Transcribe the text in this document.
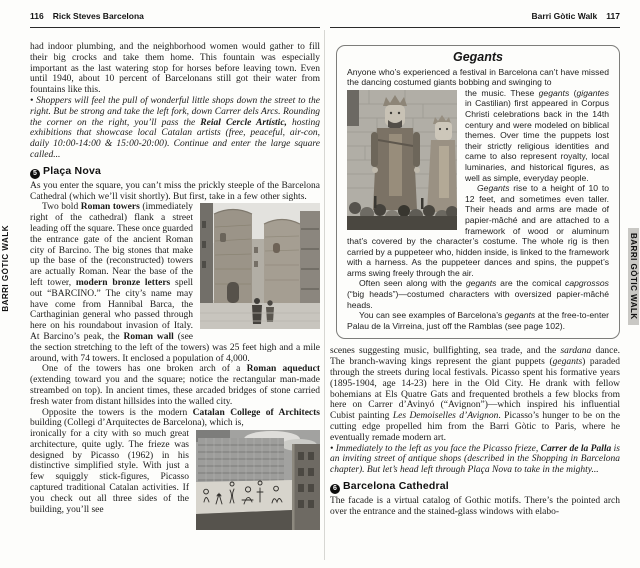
116 Rick Steves Barcelona
BARRI GÒTIC WALK

had indoor plumbing, and the neighborhood women would gather to fill their big crocks and take them home. This fountain was especially important as the last watering stop for horses before leaving town. Even until 1940, about 10 percent of Barcelonans still got their water from fountains like this.

• Shoppers will feel the pull of wonderful little shops down the street to the right. But be strong and take the left fork, down Carrer dels Arcs. Rounding the corner on the right, you’ll pass the Reial Cercle Artístic, hosting exhibitions that showcase local Catalan artists (free, peaceful, air-con, daily 10:00-14:00 & 15:00-20:00). Continue and enter the large square called...

5 Plaça Nova

As you enter the square, you can’t miss the prickly steeple of the Barcelona Cathedral (which we’ll visit shortly). But first, take in a few other sights.

Two bold Roman towers (immediately right of the cathedral) flank a street leading off the square. These once guarded the entrance gate of the ancient Roman city of Barcino. The big stones that make up the base of the (reconstructed) towers are actually Roman. Near the base of the left tower, modern bronze letters spell out “BARCINO.” The city’s name may have come from Hannibal Barca, the Carthaginian general who passed through here on his roundabout invasion of Italy. At Barcino’s peak, the Roman wall (see the section stretching to the left of the towers) was 25 feet high and a mile around, with 74 towers. It enclosed a population of 4,000.

One of the towers has one broken arch of a Roman aqueduct (extending toward you and the square; notice the rectangular man-made streambed on top). In ancient times, these arcaded bridges of stone carried fresh water from distant hillsides into the walled city.

Opposite the towers is the modern Catalan College of Architects building (Collegi d’Arquitectes de Barcelona), which is,

ironically for a city with so much great architecture, quite ugly. The frieze was designed by Picasso (1962) in his distinctive simplified style. With just a few squiggly stick-figures, Picasso captured traditional Catalan activities. If you check out all three sides of the building, you’ll see

Barri Gòtic Walk 117
BARRI GÒTIC WALK
Gegants

Anyone who’s experienced a festival in Barcelona can’t have missed the dancing costumed giants bobbing and swinging to

the music. These gegants (gigantes in Castilian) first appeared in Corpus Christi celebrations back in the 14th century and were modeled on biblical themes. Over time the puppets lost their strictly religious identities and came to also represent royalty, local luminaries, and historical figures, as well as simple, everyday people.

Gegants rise to a height of 10 to 12 feet, and sometimes even taller. Their heads and arms are made of papier-mâché and are attached to a framework of wood or aluminum that’s covered by the character’s costume. The whole rig is then carried by a puppeteer who, hidden inside, is linked to the framework with a harness. As the puppeteer dances and spins, the puppet’s arms swing freely through the air.

Often seen along with the gegants are the comical capgrossos (“big heads”)—costumed characters with oversized papier-mâché heads.

You can see examples of Barcelona’s gegants at the free-to-enter Palau de la Virreina, just off the Ramblas (see page 102).

scenes suggesting music, bullfighting, sea trade, and the sardana dance. The branch-waving kings represent the giant puppets (gegants) paraded through the streets during local festivals. Picasso spent his formative years (1895-1904, age 14-23) here in the Old City. He drank with fellow bohemians at Els Quatre Gats and frequented brothels a few blocks from here on Carrer d’Avinyó (“Avignon”)—which inspired his influential Cubist painting Les Demoiselles d’Avignon. Picasso’s hunger to be on the cutting edge propelled him from the Barri Gòtic to Paris, where he eventually remade modern art.

• Immediately to the left as you face the Picasso frieze, Carrer de la Palla is an inviting street of antique shops (described in the Shopping in Barcelona chapter). But let’s head left through Plaça Nova to take in the mighty...

6 Barcelona Cathedral

The facade is a virtual catalog of Gothic motifs. There’s the pointed arch over the entrance and the stained-glass windows with elabo-
